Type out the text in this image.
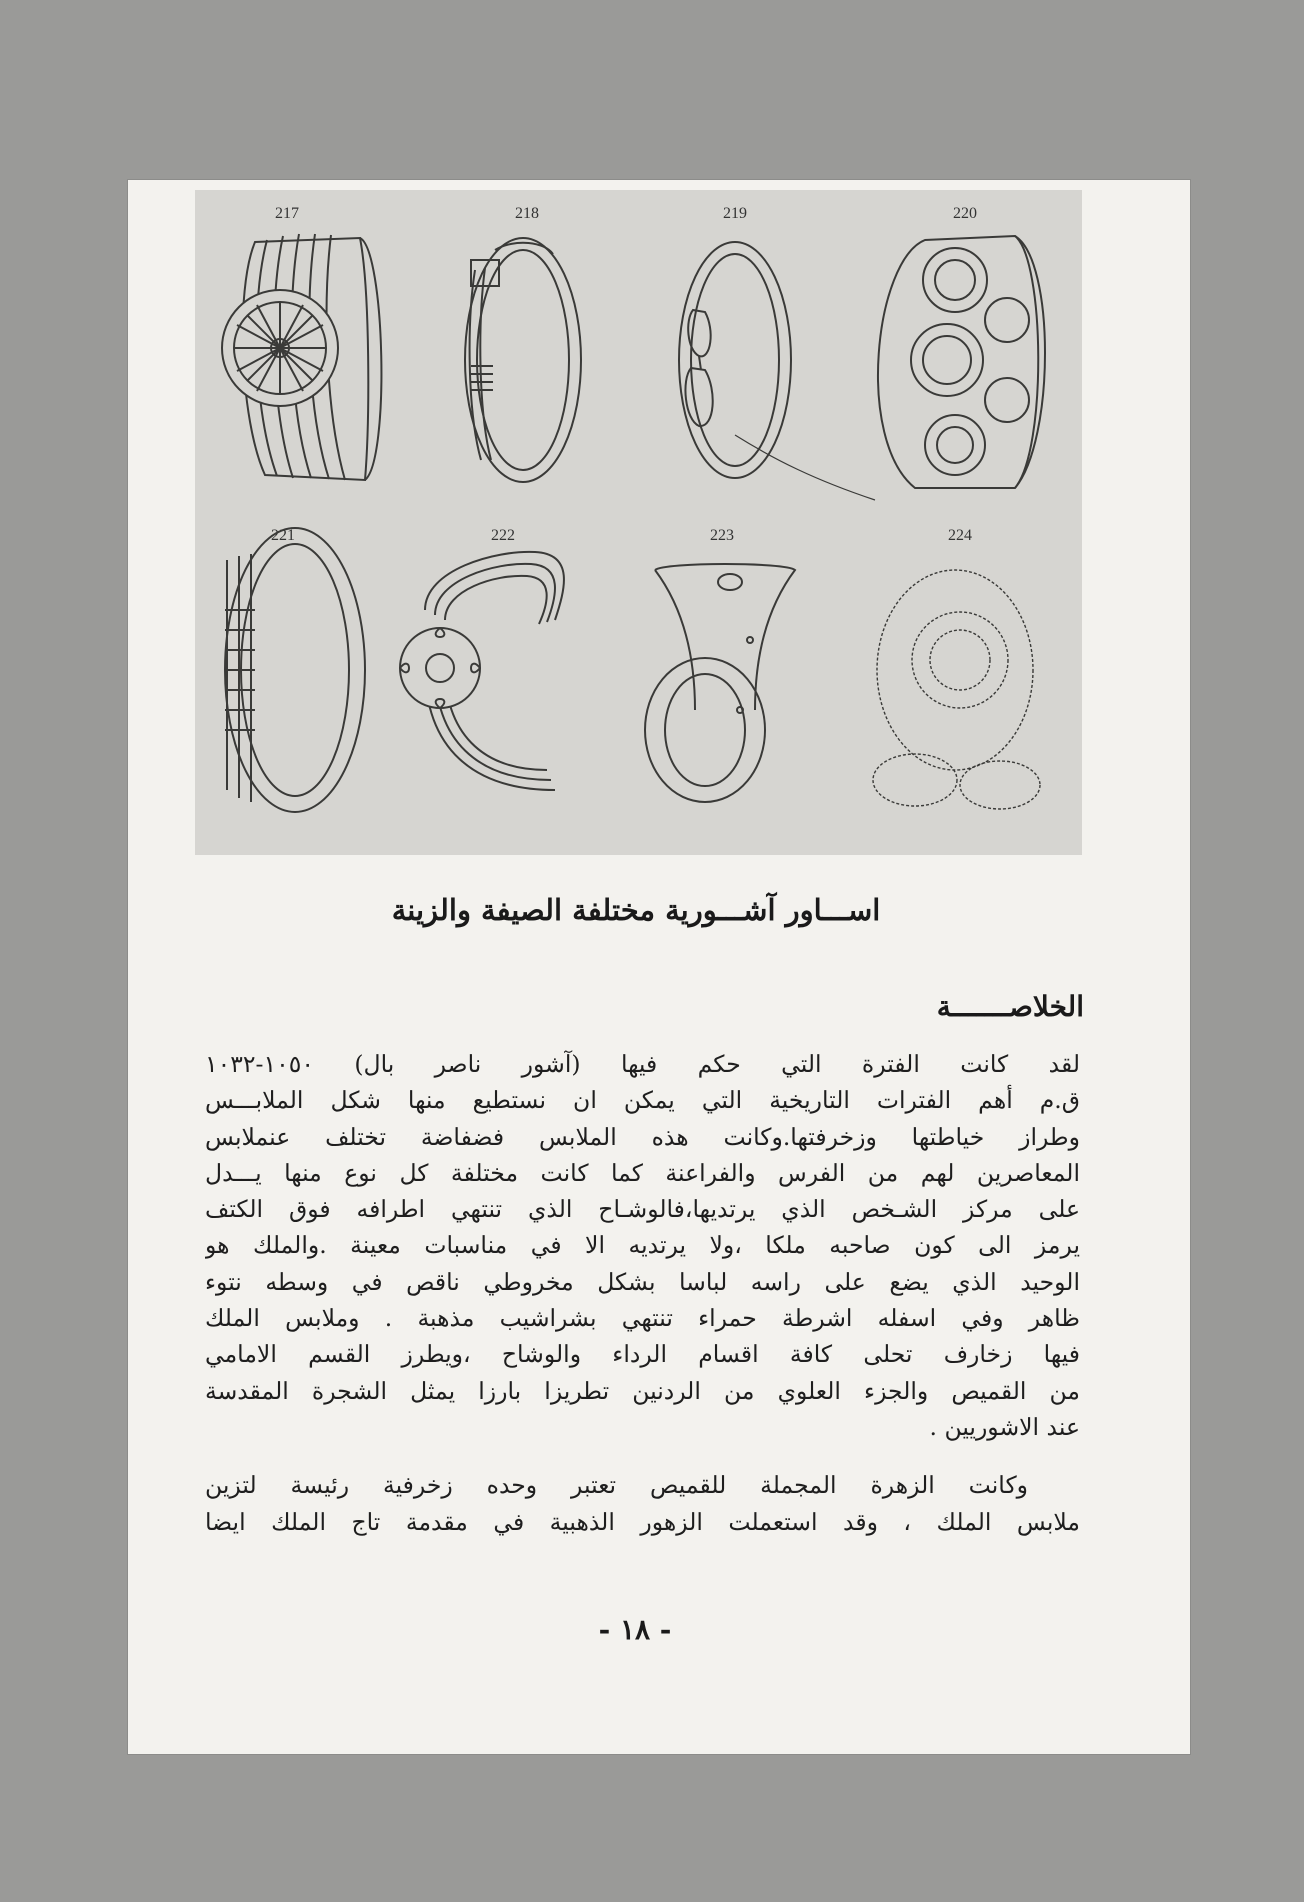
217	218	219	220
221	222	223	224
اســـاور آشـــورية مختلفة الصيفة والزينة
الخلاصـــــــة
لقد كانت الفترة التي حكم فيها (آشور ناصر بال) ١٠٥٠-١٠٣٢
ق.م أهم الفترات التاريخية التي يمكن ان نستطيع منها شكل الملابـــس
وطراز خياطتها وزخرفتها.وكانت هذه الملابس فضفاضة تختلف عنملابس
المعاصرين لهم من الفرس والفراعنة كما كانت مختلفة كل نوع منها يـــدل
على مركز الشـخص الذي يرتديها،فالوشـاح الذي تنتهي اطرافه فوق الكتف
يرمز الى كون صاحبه ملكا ،ولا يرتديه الا في مناسبات معينة .والملك هو
الوحيد الذي يضع على راسه لباسا بشكل مخروطي ناقص في وسطه نتوء
ظاهر وفي اسفله اشرطة حمراء تنتهي بشراشيب مذهبة . وملابس الملك
فيها زخارف تحلى كافة اقسام الرداء والوشاح ،ويطرز القسم الامامي
من القميص والجزء العلوي من الردنين تطريزا بارزا يمثل الشجرة المقدسة
عند الاشوريين .
وكانت الزهرة المجملة للقميص تعتبر وحده زخرفية رئيسة لتزين
ملابس الملك ، وقد استعملت الزهور الذهبية في مقدمة تاج الملك ايضا
- ١٨ -
